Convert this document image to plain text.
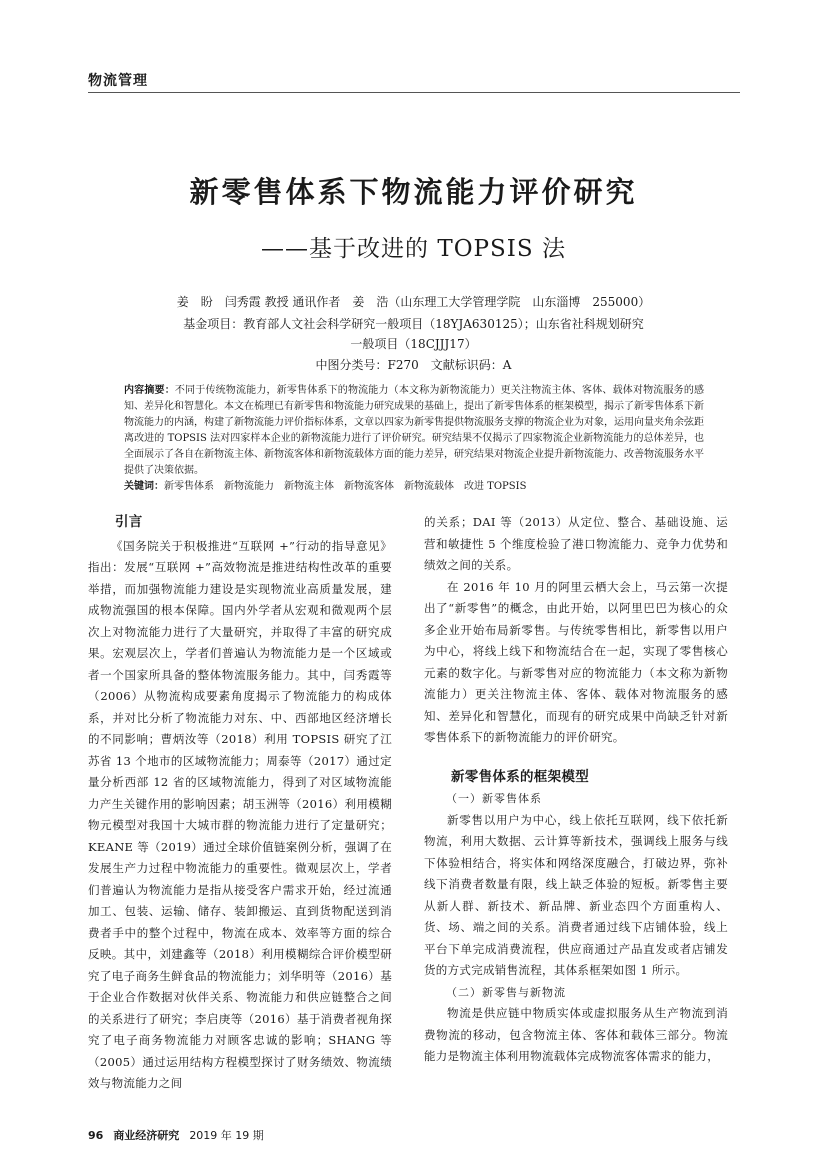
物流管理
新零售体系下物流能力评价研究
——基于改进的 TOPSIS 法
姜　盼　闫秀霞 教授 通讯作者　姜　浩（山东理工大学管理学院　山东淄博　255000）
基金项目：教育部人文社会科学研究一般项目（18YJA630125）；山东省社科规划研究
一般项目（18CJJJ17）
中图分类号：F270　文献标识码：A
内容摘要：不同于传统物流能力，新零售体系下的物流能力（本文称为新物流能力）更关注物流主体、客体、载体对物流服务的感知、差异化和智慧化。本文在梳理已有新零售和物流能力研究成果的基础上，提出了新零售体系的框架模型，揭示了新零售体系下新物流能力的内涵，构建了新物流能力评价指标体系，文章以四家为新零售提供物流服务支撑的物流企业为对象，运用向量夹角余弦距离改进的 TOPSIS 法对四家样本企业的新物流能力进行了评价研究。研究结果不仅揭示了四家物流企业新物流能力的总体差异，也全面展示了各自在新物流主体、新物流客体和新物流载体方面的能力差异，研究结果对物流企业提升新物流能力、改善物流服务水平提供了决策依据。
关键词：新零售体系　新物流能力　新物流主体　新物流客体　新物流载体　改进 TOPSIS
引言

《国务院关于积极推进“互联网 +”行动的指导意见》指出：发展“互联网 +”高效物流是推进结构性改革的重要举措，而加强物流能力建设是实现物流业高质量发展，建成物流强国的根本保障。国内外学者从宏观和微观两个层次上对物流能力进行了大量研究，并取得了丰富的研究成果。宏观层次上，学者们普遍认为物流能力是一个区域或者一个国家所具备的整体物流服务能力。其中，闫秀霞等（2006）从物流构成要素角度揭示了物流能力的构成体系，并对比分析了物流能力对东、中、西部地区经济增长的不同影响；曹炳汝等（2018）利用 TOPSIS 研究了江苏省 13 个地市的区域物流能力；周泰等（2017）通过定量分析西部 12 省的区域物流能力，得到了对区域物流能力产生关键作用的影响因素；胡玉洲等（2016）利用模糊物元模型对我国十大城市群的物流能力进行了定量研究；KEANE 等（2019）通过全球价值链案例分析，强调了在发展生产力过程中物流能力的重要性。微观层次上，学者们普遍认为物流能力是指从接受客户需求开始，经过流通加工、包装、运输、储存、装卸搬运、直到货物配送到消费者手中的整个过程中，物流在成本、效率等方面的综合反映。其中，刘建鑫等（2018）利用模糊综合评价模型研究了电子商务生鲜食品的物流能力；刘华明等（2016）基于企业合作数据对伙伴关系、物流能力和供应链整合之间的关系进行了研究；李启庚等（2016）基于消费者视角探究了电子商务物流能力对顾客忠诚的影响；SHANG 等（2005）通过运用结构方程模型探讨了财务绩效、物流绩效与物流能力之间

的关系；DAI 等（2013）从定位、整合、基础设施、运营和敏捷性 5 个维度检验了港口物流能力、竞争力优势和绩效之间的关系。

在 2016 年 10 月的阿里云栖大会上，马云第一次提出了“新零售”的概念，由此开始，以阿里巴巴为核心的众多企业开始布局新零售。与传统零售相比，新零售以用户为中心，将线上线下和物流结合在一起，实现了零售核心元素的数字化。与新零售对应的物流能力（本文称为新物流能力）更关注物流主体、客体、载体对物流服务的感知、差异化和智慧化，而现有的研究成果中尚缺乏针对新零售体系下的新物流能力的评价研究。

新零售体系的框架模型
（一）新零售体系

新零售以用户为中心，线上依托互联网，线下依托新物流，利用大数据、云计算等新技术，强调线上服务与线下体验相结合，将实体和网络深度融合，打破边界，弥补线下消费者数量有限，线上缺乏体验的短板。新零售主要从新人群、新技术、新品牌、新业态四个方面重构人、货、场、端之间的关系。消费者通过线下店铺体验，线上平台下单完成消费流程，供应商通过产品直发或者店铺发货的方式完成销售流程，其体系框架如图 1 所示。

（二）新零售与新物流

物流是供应链中物质实体或虚拟服务从生产物流到消费物流的移动，包含物流主体、客体和载体三部分。物流能力是物流主体利用物流载体完成物流客体需求的能力，

96 商业经济研究 2019 年 19 期
